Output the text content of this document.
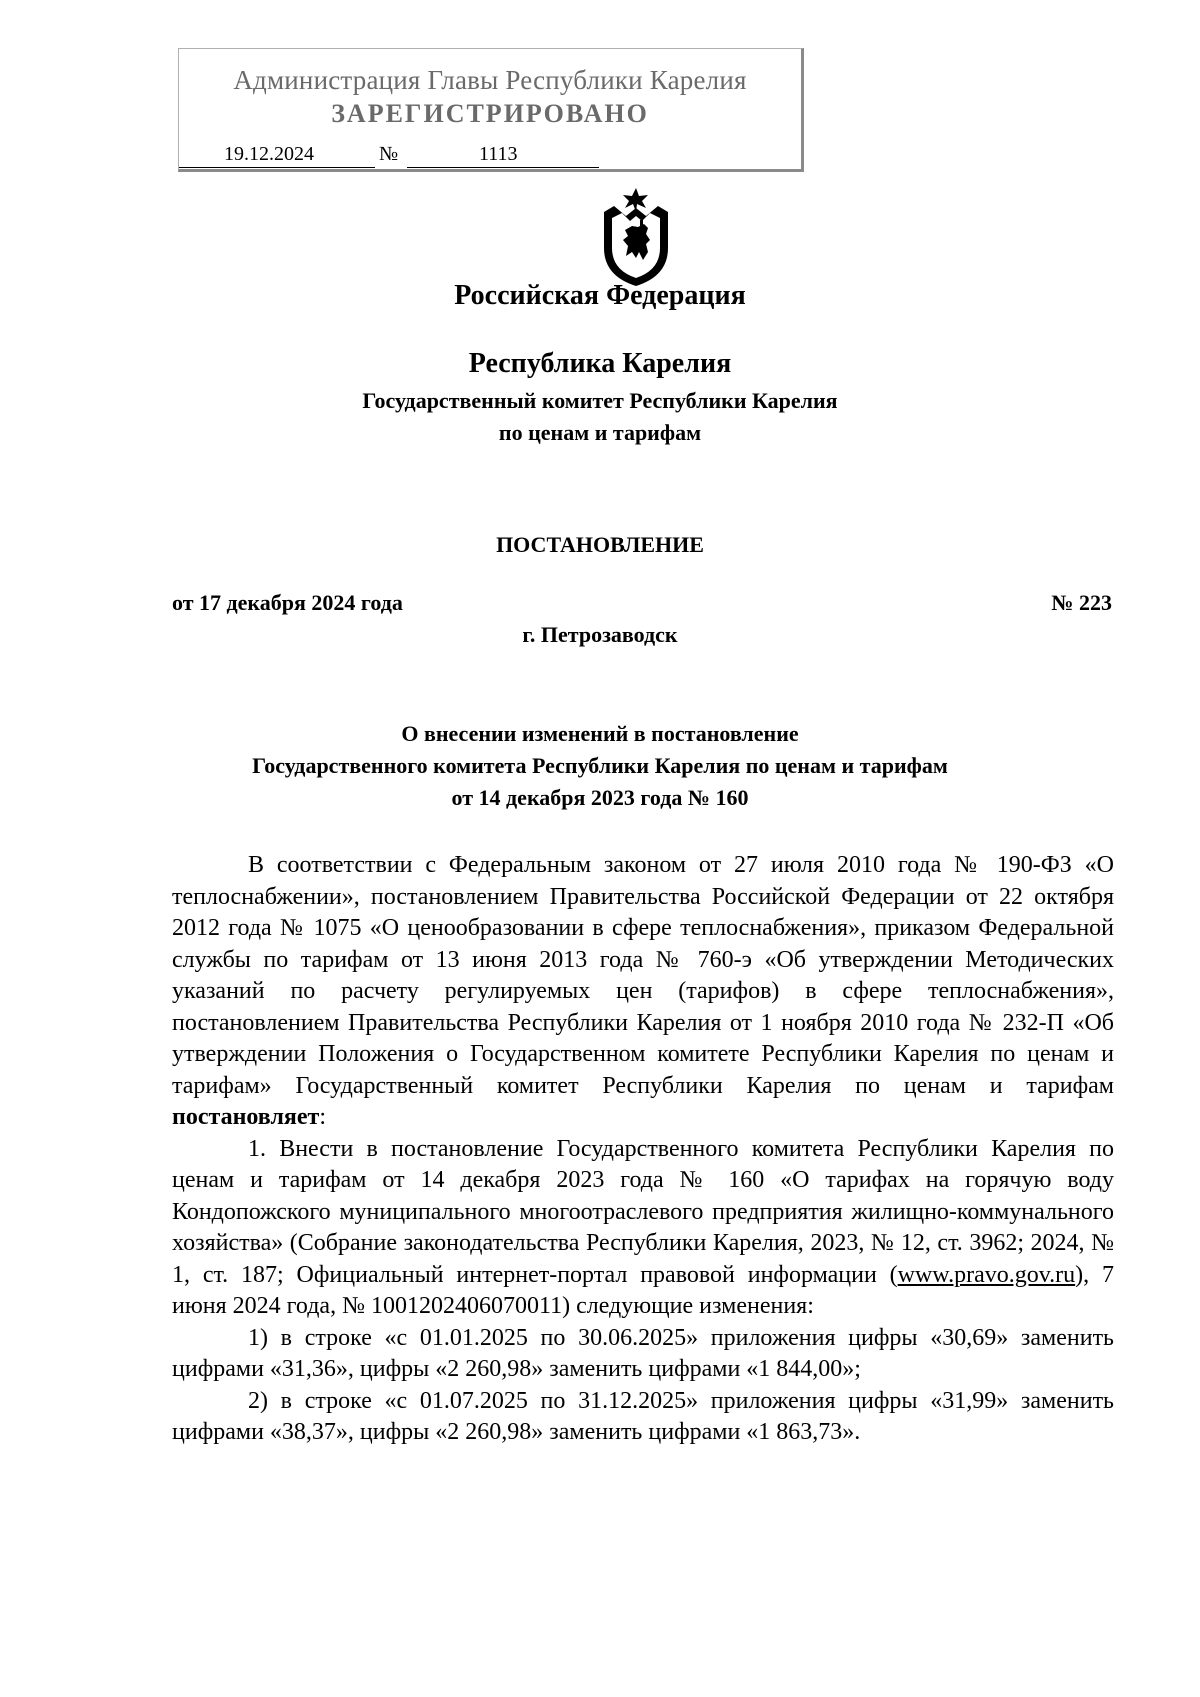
Администрация Главы Республики Карелия
ЗАРЕГИСТРИРОВАНО
19.12.2024	№	1113
Российская Федерация
Республика Карелия
Государственный комитет Республики Карелия
по ценам и тарифам
ПОСТАНОВЛЕНИЕ
от 17 декабря 2024 года	№ 223
г. Петрозаводск
О внесении изменений в постановление
Государственного комитета Республики Карелия по ценам и тарифам
от 14 декабря 2023 года № 160

В соответствии с Федеральным законом от 27 июля 2010 года № 190-ФЗ «О теплоснабжении», постановлением Правительства Российской Федерации от 22 октября 2012 года № 1075 «О ценообразовании в сфере теплоснабжения», приказом Федеральной службы по тарифам от 13 июня 2013 года № 760-э «Об утверждении Методических указаний по расчету регулируемых цен (тарифов) в сфере теплоснабжения», постановлением Правительства Республики Карелия от 1 ноября 2010 года № 232-П «Об утверждении Положения о Государственном комитете Республики Карелия по ценам и тарифам» Государственный комитет Республики Карелия по ценам и тарифам постановляет:

1. Внести в постановление Государственного комитета Республики Карелия по ценам и тарифам от 14 декабря 2023 года № 160 «О тарифах на горячую воду Кондопожского муниципального многоотраслевого предприятия жилищно-коммунального хозяйства» (Собрание законодательства Республики Карелия, 2023, № 12, ст. 3962; 2024, № 1, ст. 187; Официальный интернет-портал правовой информации (www.pravo.gov.ru), 7 июня 2024 года, № 1001202406070011) следующие изменения:

1) в строке «с 01.01.2025 по 30.06.2025» приложения цифры «30,69» заменить цифрами «31,36», цифры «2 260,98» заменить цифрами «1 844,00»;

2) в строке «с 01.07.2025 по 31.12.2025» приложения цифры «31,99» заменить цифрами «38,37», цифры «2 260,98» заменить цифрами «1 863,73».
